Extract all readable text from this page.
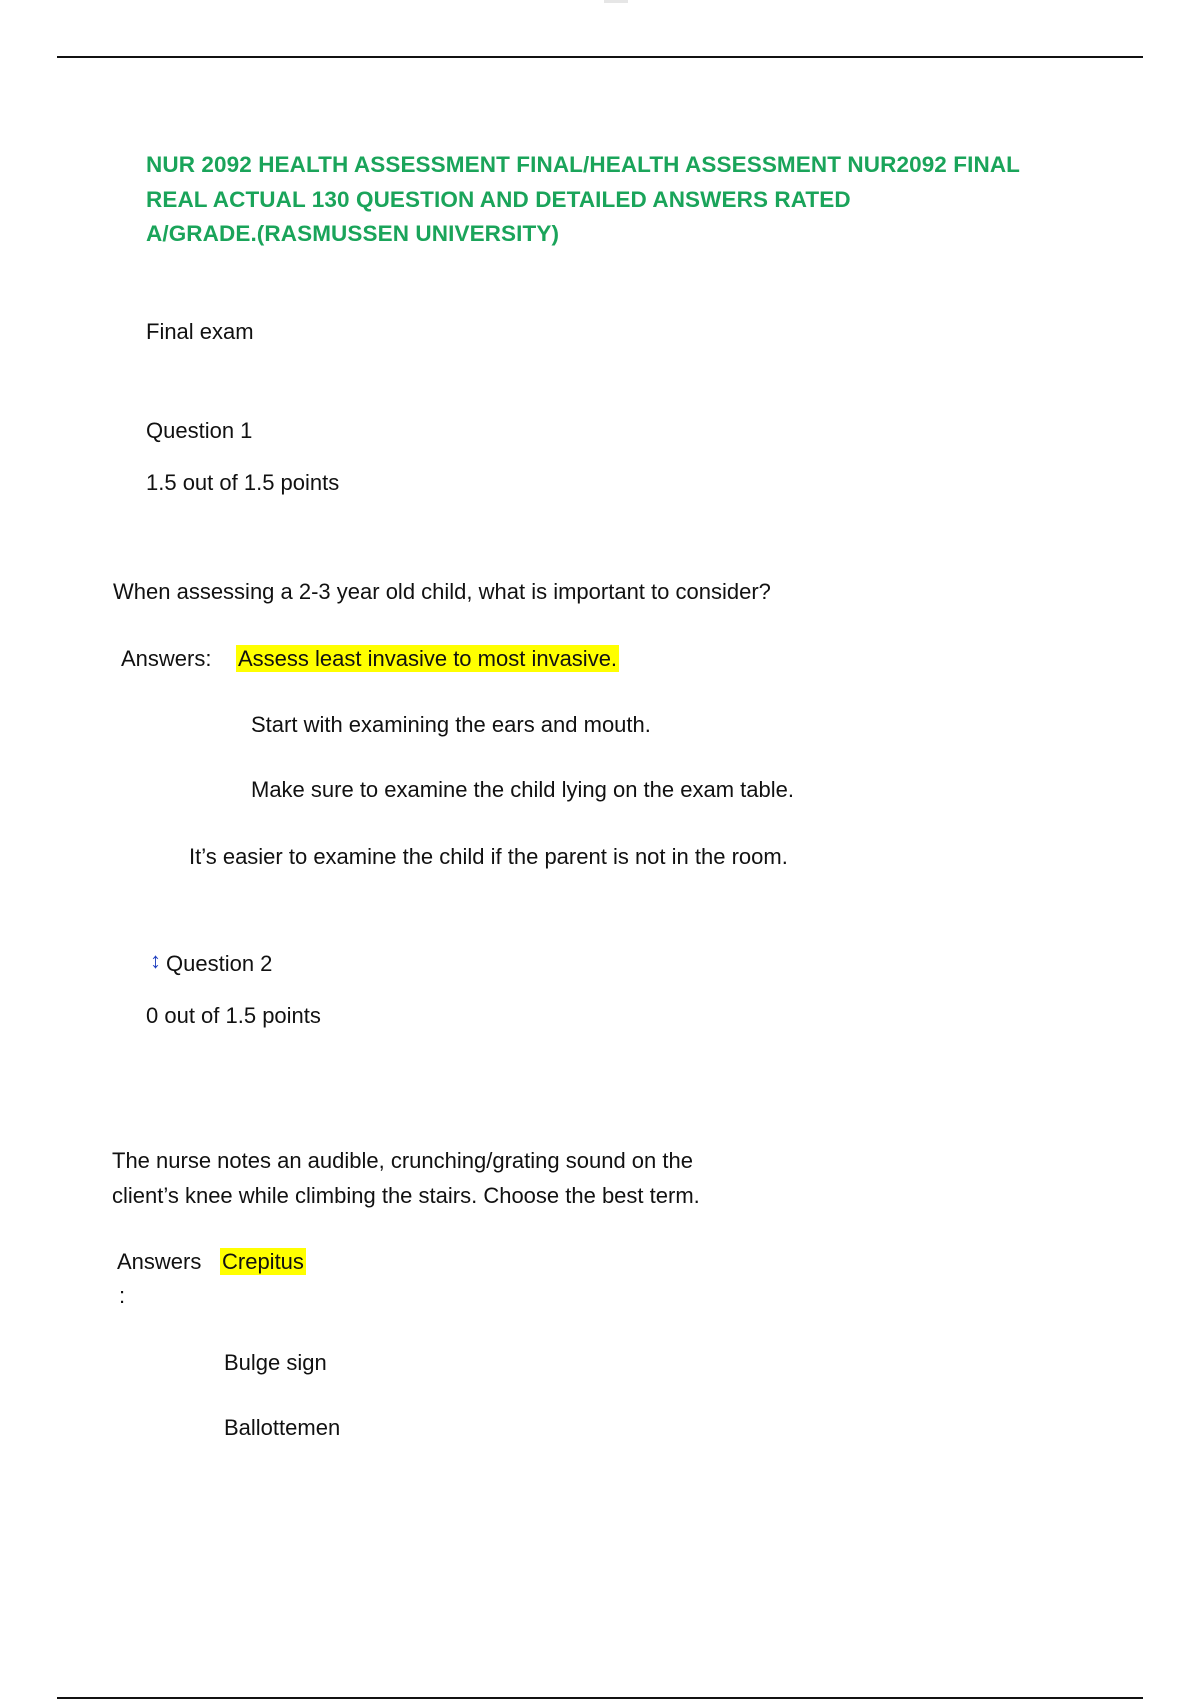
NUR 2092 HEALTH ASSESSMENT FINAL/HEALTH ASSESSMENT NUR2092 FINAL
REAL ACTUAL 130 QUESTION AND DETAILED ANSWERS RATED
A/GRADE.(RASMUSSEN UNIVERSITY)
Final exam
Question 1
1.5 out of 1.5 points
When assessing a 2-3 year old child, what is important to consider?
Answers: Assess least invasive to most invasive.
Start with examining the ears and mouth.
Make sure to examine the child lying on the exam table.
It’s easier to examine the child if the parent is not in the room.
↕ Question 2
0 out of 1.5 points
The nurse notes an audible, crunching/grating sound on the
client’s knee while climbing the stairs. Choose the best term.
Answers
:
Crepitus
Bulge sign
Ballottemen
